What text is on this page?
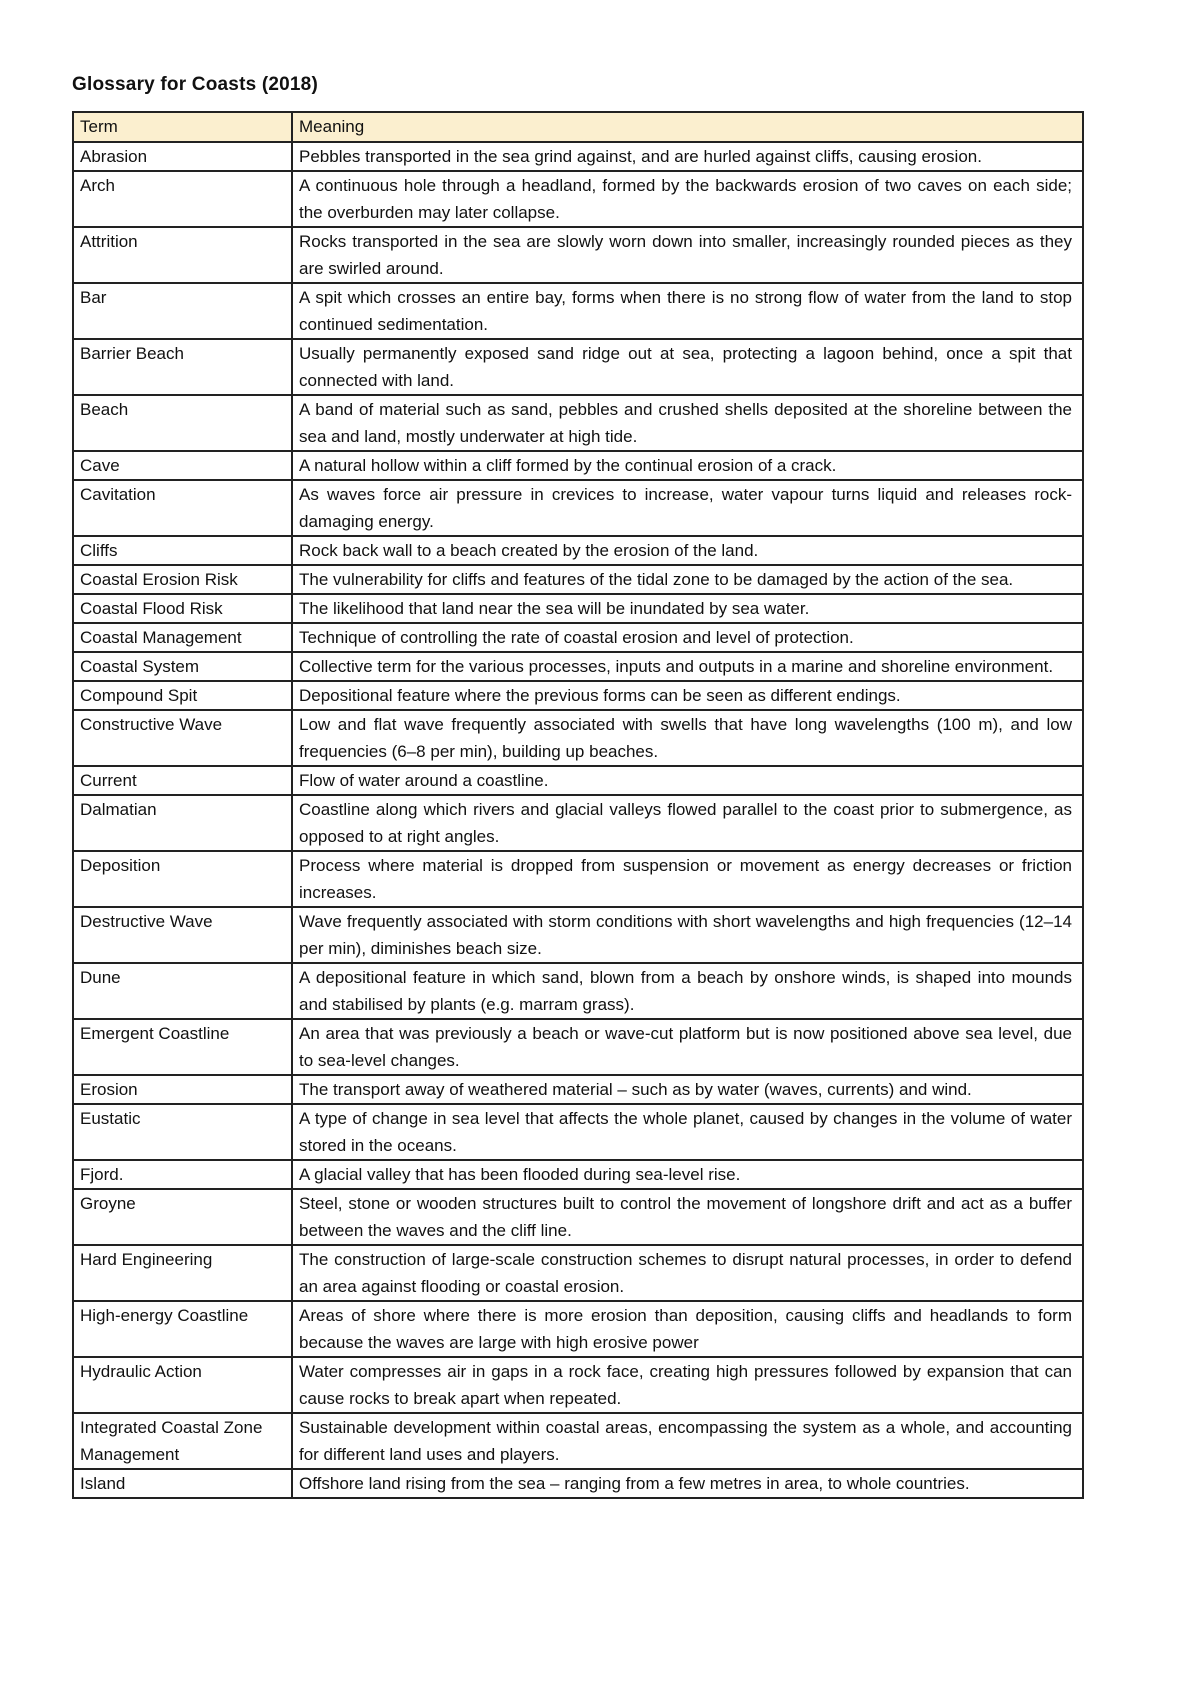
Glossary for Coasts (2018)
Term	Meaning
Abrasion	Pebbles transported in the sea grind against, and are hurled against cliffs, causing erosion.
Arch	A continuous hole through a headland, formed by the backwards erosion of two caves on each side; the overburden may later collapse.
Attrition	Rocks transported in the sea are slowly worn down into smaller, increasingly rounded pieces as they are swirled around.
Bar	A spit which crosses an entire bay, forms when there is no strong flow of water from the land to stop continued sedimentation.
Barrier Beach	Usually permanently exposed sand ridge out at sea, protecting a lagoon behind, once a spit that connected with land.
Beach	A band of material such as sand, pebbles and crushed shells deposited at the shoreline between the sea and land, mostly underwater at high tide.
Cave	A natural hollow within a cliff formed by the continual erosion of a crack.
Cavitation	As waves force air pressure in crevices to increase, water vapour turns liquid and releases rock-damaging energy.
Cliffs	Rock back wall to a beach created by the erosion of the land.
Coastal Erosion Risk	The vulnerability for cliffs and features of the tidal zone to be damaged by the action of the sea.
Coastal Flood Risk	The likelihood that land near the sea will be inundated by sea water.
Coastal Management	Technique of controlling the rate of coastal erosion and level of protection.
Coastal System	Collective term for the various processes, inputs and outputs in a marine and shoreline environment.
Compound Spit	Depositional feature where the previous forms can be seen as different endings.
Constructive Wave	Low and flat wave frequently associated with swells that have long wavelengths (100 m), and low frequencies (6–8 per min), building up beaches.
Current	Flow of water around a coastline.
Dalmatian	Coastline along which rivers and glacial valleys flowed parallel to the coast prior to submergence, as opposed to at right angles.
Deposition	Process where material is dropped from suspension or movement as energy decreases or friction increases.
Destructive Wave	Wave frequently associated with storm conditions with short wavelengths and high frequencies (12–14 per min), diminishes beach size.
Dune	A depositional feature in which sand, blown from a beach by onshore winds, is shaped into mounds and stabilised by plants (e.g. marram grass).
Emergent Coastline	An area that was previously a beach or wave-cut platform but is now positioned above sea level, due to sea-level changes.
Erosion	The transport away of weathered material – such as by water (waves, currents) and wind.
Eustatic	A type of change in sea level that affects the whole planet, caused by changes in the volume of water stored in the oceans.
Fjord.	A glacial valley that has been flooded during sea-level rise.
Groyne	Steel, stone or wooden structures built to control the movement of longshore drift and act as a buffer between the waves and the cliff line.
Hard Engineering	The construction of large-scale construction schemes to disrupt natural processes, in order to defend an area against flooding or coastal erosion.
High-energy Coastline	Areas of shore where there is more erosion than deposition, causing cliffs and headlands to form because the waves are large with high erosive power
Hydraulic Action	Water compresses air in gaps in a rock face, creating high pressures followed by expansion that can cause rocks to break apart when repeated.
Integrated Coastal Zone Management	Sustainable development within coastal areas, encompassing the system as a whole, and accounting for different land uses and players.
Island	Offshore land rising from the sea – ranging from a few metres in area, to whole countries.
